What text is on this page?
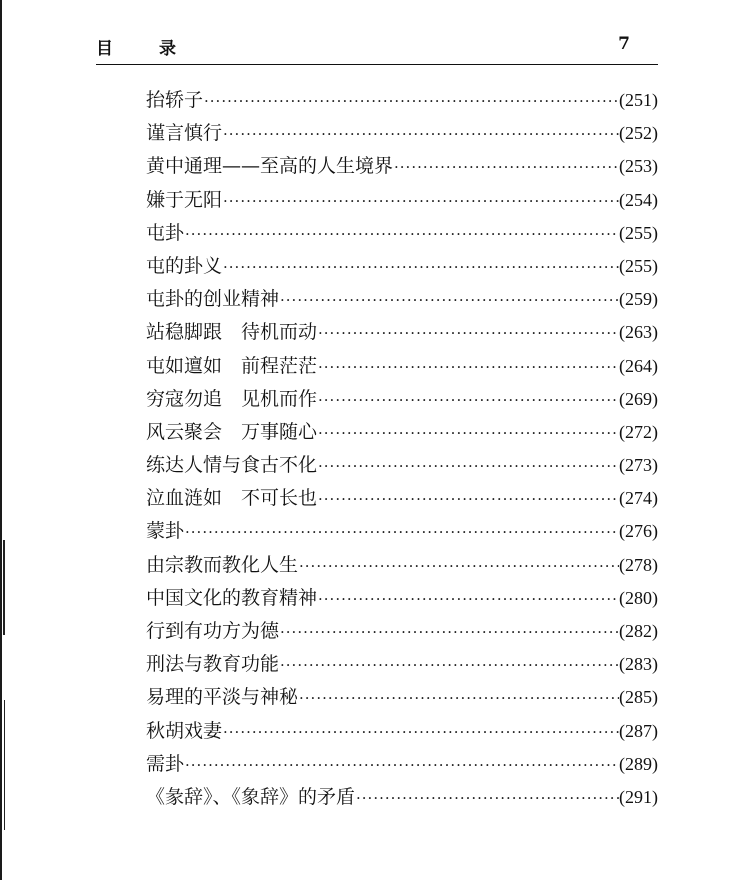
目录	7
抬轿子 ·····	(251)
谨言慎行 ·····	(252)
黄中通理——至高的人生境界 ·····	(253)
嫌于无阳 ·····	(254)
屯卦 ·····	(255)
屯的卦义 ·····	(255)
屯卦的创业精神 ·····	(259)
站稳脚跟　待机而动 ·····	(263)
屯如邅如　前程茫茫 ·····	(264)
穷寇勿追　见机而作 ·····	(269)
风云聚会　万事随心 ·····	(272)
练达人情与食古不化 ·····	(273)
泣血涟如　不可长也 ·····	(274)
蒙卦 ·····	(276)
由宗教而教化人生 ·····	(278)
中国文化的教育精神 ·····	(280)
行到有功方为德 ·····	(282)
刑法与教育功能 ·····	(283)
易理的平淡与神秘 ·····	(285)
秋胡戏妻 ·····	(287)
需卦 ·····	(289)
《彖辞》、《象辞》的矛盾 ·····	(291)
